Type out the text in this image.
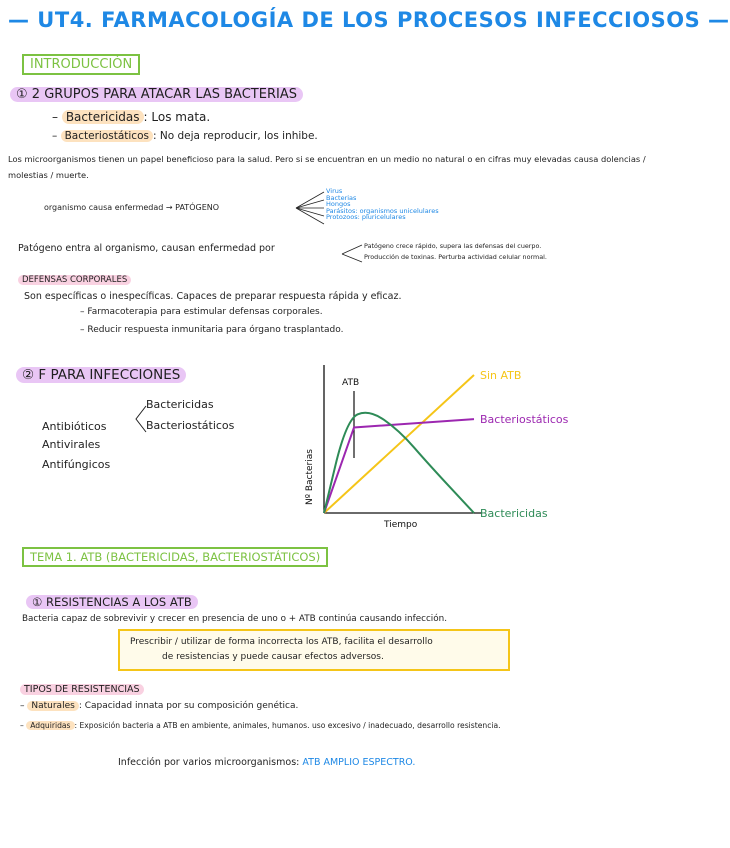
— UT4. FARMACOLOGÍA DE LOS PROCESOS INFECCIOSOS —
INTRODUCCIÓN
① 2 GRUPOS PARA ATACAR LAS BACTERIAS
– Bactericidas : Los mata.
– Bacteriostáticos : No deja reproducir, los inhibe.
Los microorganismos tienen un papel beneficioso para la salud. Pero si se encuentran en un medio no natural o en cifras muy elevadas causa dolencias / molestias / muerte.
organismo causa enfermedad → PATÓGENO
Virus
Bacterias
Hongos
Parásitos: organismos unicelulares
Protozoos: pluricelulares
Patógeno entra al organismo, causan enfermedad por	Patógeno crece rápido, supera las defensas del cuerpo.
Producción de toxinas. Perturba actividad celular normal.
DEFENSAS CORPORALES
Son específicas o inespecíficas. Capaces de preparar respuesta rápida y eficaz.
– Farmacoterapia para estimular defensas corporales.
– Reducir respuesta inmunitaria para órgano trasplantado.
② F PARA INFECCIONES
Antibióticos
Bactericidas
Bacteriostáticos
Antivirales
Antifúngicos
Tiempo
Nº Bacterias
ATB
Sin ATB
Bacteriostáticos
Bactericidas
TEMA 1. ATB (BACTERICIDAS, BACTERIOSTÁTICOS)
① RESISTENCIAS A LOS ATB
Bacteria capaz de sobrevivir y crecer en presencia de uno o + ATB continúa causando infección.
Prescribir / utilizar de forma incorrecta los ATB, facilita el desarrollo
de resistencias y puede causar efectos adversos.
TIPOS DE RESISTENCIAS
– Naturales : Capacidad innata por su composición genética.
– Adquiridas : Exposición bacteria a ATB en ambiente, animales, humanos. uso excesivo / inadecuado, desarrollo resistencia.
Infección por varios microorganismos: ATB AMPLIO ESPECTRO.
